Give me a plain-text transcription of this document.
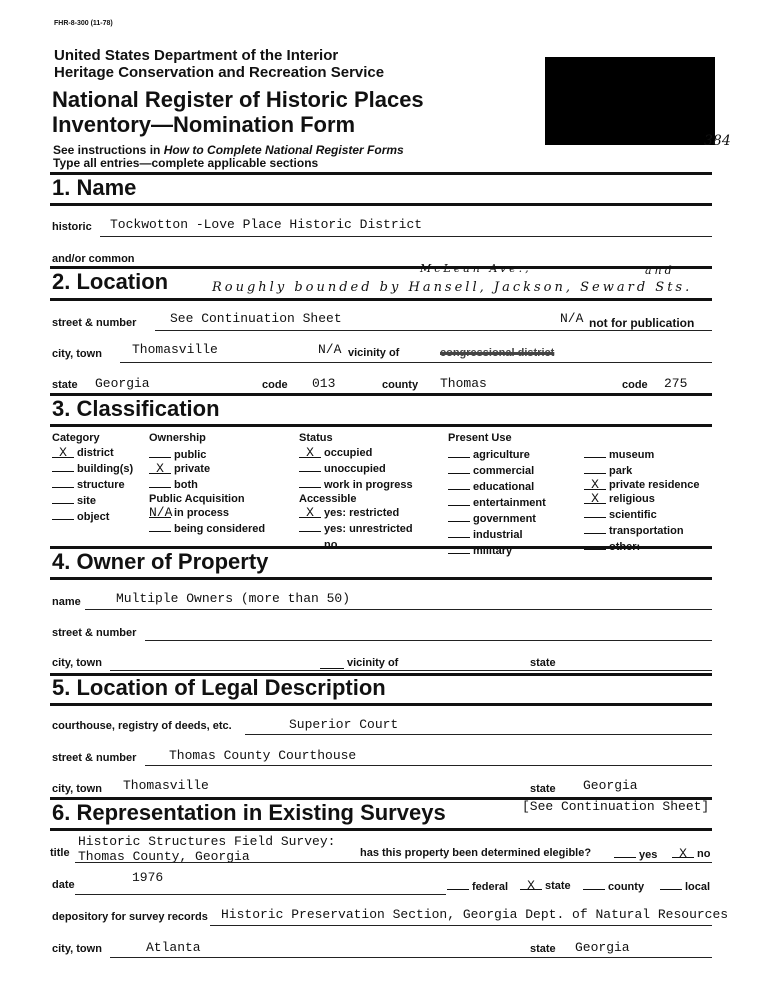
FHR-8-300 (11-78)
United States Department of the Interior
Heritage Conservation and Recreation Service
National Register of Historic Places
Inventory—Nomination Form
See instructions in How to Complete National Register Forms
Type all entries—complete applicable sections
384
1. Name
historic Tockwotton -Love Place Historic District
and/or common
2. Location
McLean Ave.,	and
Roughly bounded by Hansell, Jackson, Seward Sts.
street & number	See Continuation Sheet	N/A not for publication
city, town Thomasville	N/A vicinity of	congressional district
state Georgia	code 013	county Thomas	code 275
3. Classification
Category
X district
building(s)
structure
site
object
Ownership
public
X private
both
Public Acquisition
N/A in process
being considered
Status
X occupied
unoccupied
work in progress
Accessible
X yes: restricted
yes: unrestricted
no
Present Use
agriculture
commercial
educational
entertainment
government
industrial
military
museum
park
X private residence
X religious
scientific
transportation
other:
4. Owner of Property
name	Multiple Owners (more than 50)
street & number
city, town	vicinity of	state
5. Location of Legal Description
courthouse, registry of deeds, etc.	Superior Court
street & number	Thomas County Courthouse
city, town Thomasville	state Georgia
6. Representation in Existing Surveys	[See Continuation Sheet]
title
Historic Structures Field Survey:
Thomas County, Georgia	has this property been determined elegible?	yes	X no
date	1976
federal	X state	county	local
depository for survey records Historic Preservation Section, Georgia Dept. of Natural Resources
city, town	Atlanta	state Georgia
